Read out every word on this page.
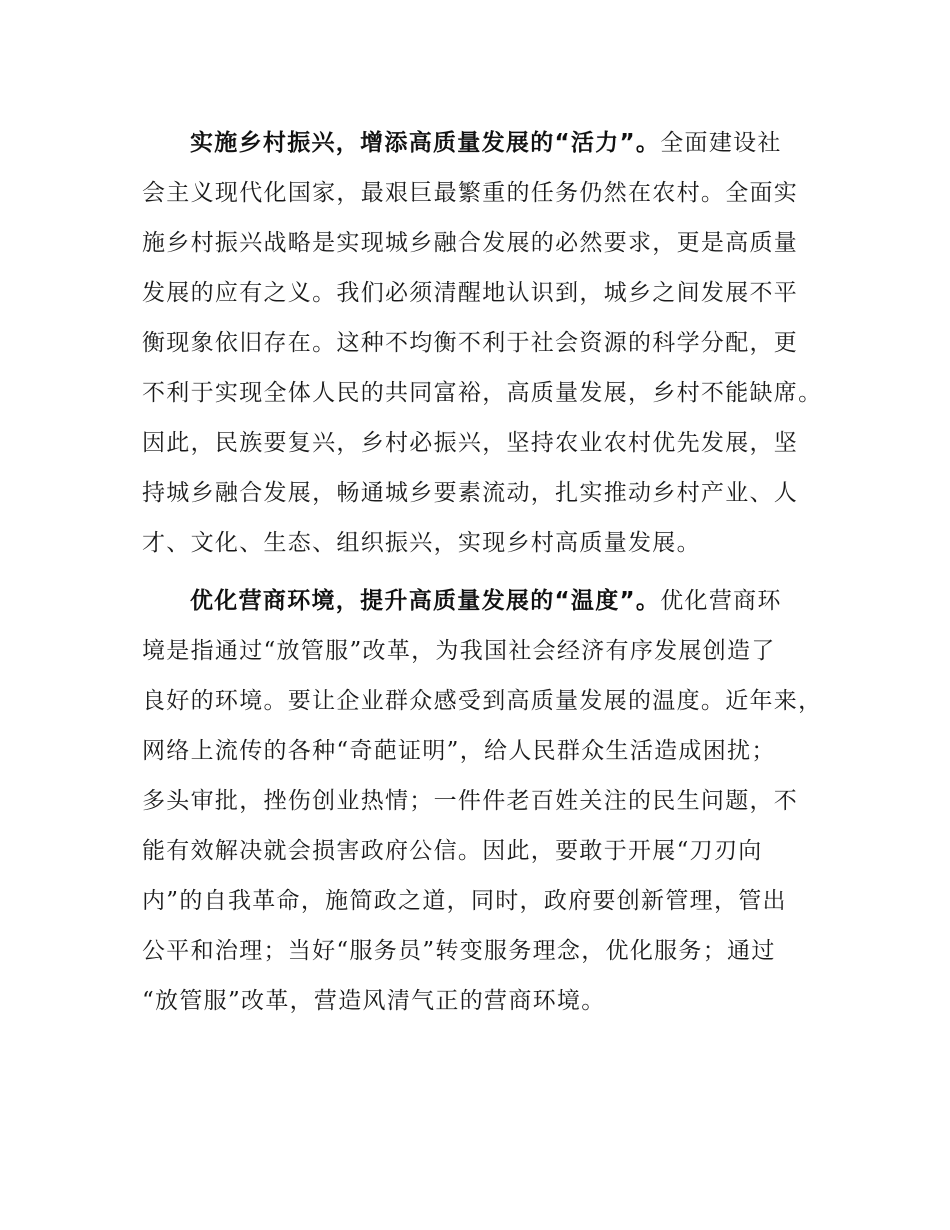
实施乡村振兴，增添高质量发展的“活力”。全面建设社
会主义现代化国家，最艰巨最繁重的任务仍然在农村。全面实
施乡村振兴战略是实现城乡融合发展的必然要求，更是高质量
发展的应有之义。我们必须清醒地认识到，城乡之间发展不平
衡现象依旧存在。这种不均衡不利于社会资源的科学分配，更
不利于实现全体人民的共同富裕，高质量发展，乡村不能缺席。
因此，民族要复兴，乡村必振兴，坚持农业农村优先发展，坚
持城乡融合发展，畅通城乡要素流动，扎实推动乡村产业、人
才、文化、生态、组织振兴，实现乡村高质量发展。
优化营商环境，提升高质量发展的“温度”。优化营商环
境是指通过“放管服”改革，为我国社会经济有序发展创造了
良好的环境。要让企业群众感受到高质量发展的温度。近年来，
网络上流传的各种“奇葩证明”，给人民群众生活造成困扰；
多头审批，挫伤创业热情；一件件老百姓关注的民生问题，不
能有效解决就会损害政府公信。因此，要敢于开展“刀刃向
内”的自我革命，施简政之道，同时，政府要创新管理，管出
公平和治理；当好“服务员”转变服务理念，优化服务；通过
“放管服”改革，营造风清气正的营商环境。
